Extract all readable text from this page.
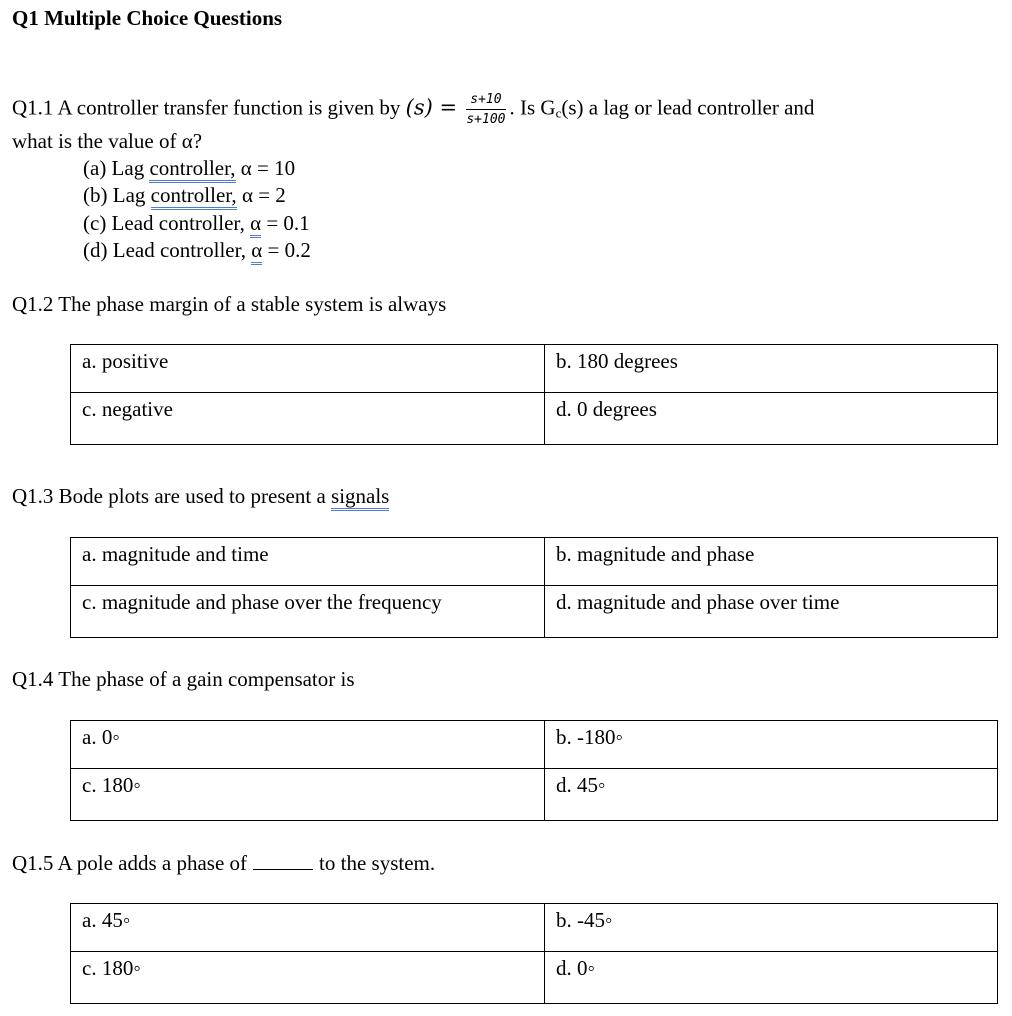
Q1 Multiple Choice Questions
Q1.1 A controller transfer function is given by $(s) = \frac{s+10}{s+100}$ . Is $G_c(s)$ a lag or lead controller and
what is the value of α?
(a) Lag controller, α = 10
(b) Lag controller, α = 2
(c) Lead controller, α = 0.1
(d) Lead controller, α = 0.2
Q1.2 The phase margin of a stable system is always
a. positive	b. 180 degrees
c. negative	d. 0 degrees
Q1.3 Bode plots are used to present a signals
a. magnitude and time	b. magnitude and phase
c. magnitude and phase over the frequency	d. magnitude and phase over time
Q1.4 The phase of a gain compensator is
a. 0◦	b. -180◦
c. 180◦	d. 45◦
Q1.5 A pole adds a phase of	to the system.
a. 45◦	b. -45◦
c. 180◦	d. 0◦
